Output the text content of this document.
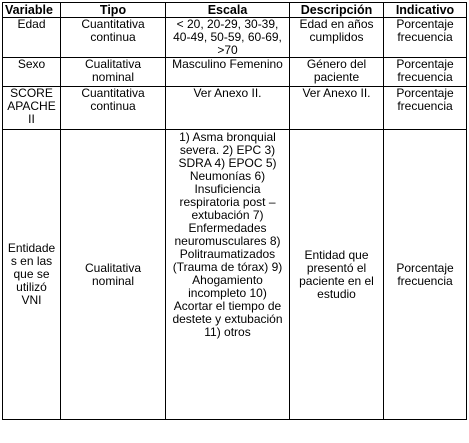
Variable	Tipo	Escala	Descripción	Indicativo
Edad	Cuantitativa continua	< 20, 20-29, 30-39, 40-49, 50-59, 60-69, >70	Edad en años cumplidos	Porcentaje frecuencia
Sexo	Cualitativa nominal	Masculino Femenino	Género del paciente	Porcentaje frecuencia
SCORE APACHE II	Cuantitativa continua	Ver Anexo II.	Ver Anexo II.	Porcentaje frecuencia
Entidades en las que se utilizó VNI	Cualitativa nominal	1) Asma bronquial severa. 2) EPC 3) SDRA 4) EPOC 5) Neumonías 6) Insuficiencia respiratoria post – extubación 7) Enfermedades neuromusculares 8) Politraumatizados (Trauma de tórax) 9) Ahogamiento incompleto 10) Acortar el tiempo de destete y extubación 11) otros	Entidad que presentó el paciente en el estudio	Porcentaje frecuencia
